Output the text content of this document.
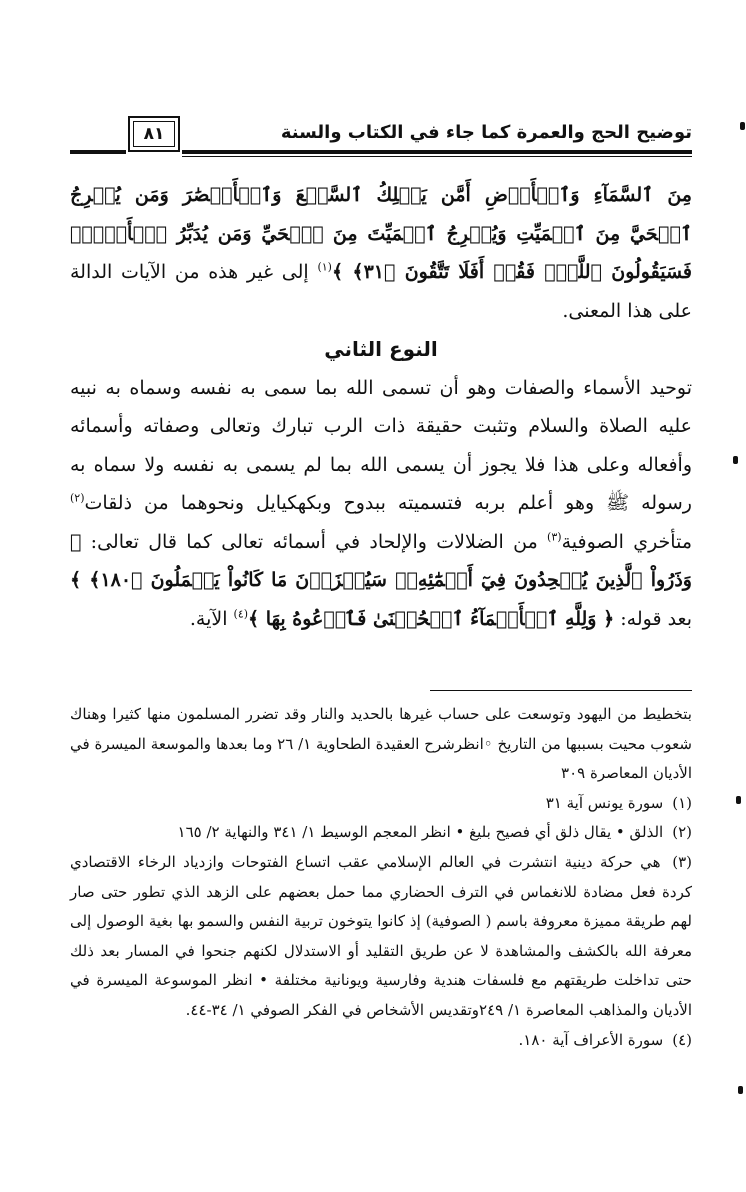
٨١	توضيح الحج والعمرة كما جاء في الكتاب والسنة

مِنَ ٱلسَّمَآءِ وَٱلۡأَرۡضِ أَمَّن يَمۡلِكُ ٱلسَّمۡعَ وَٱلۡأَبۡصَٰرَ وَمَن يُخۡرِجُ ٱلۡحَيَّ مِنَ ٱلۡمَيِّتِ وَيُخۡرِجُ ٱلۡمَيِّتَ مِنَ ٱلۡحَيِّ وَمَن يُدَبِّرُ ٱلۡأَمۡرَۚ فَسَيَقُولُونَ ٱللَّهُۚ فَقُلۡ أَفَلَا تَتَّقُونَ ﴿٣١﴾ ﴾$^{(١)}$ إلى غير هذه من الآيات الدالة على هذا المعنى.

النوع الثاني

توحيد الأسماء والصفات وهو أن تسمى الله بما سمى به نفسه وسماه به نبيه عليه الصلاة والسلام وتثبت حقيقة ذات الرب تبارك وتعالى وصفاته وأسمائه وأفعاله وعلى هذا فلا يجوز أن يسمى الله بما لم يسمى به نفسه ولا سماه به رسوله ﷺ وهو أعلم بربه فتسميته ببدوح وبكهكيايل ونحوهما من ذلقات$^{(٢)}$ متأخري الصوفية$^{(٣)}$ من الضلالات والإلحاد في أسمائه تعالى كما قال تعالى: ﴿ وَذَرُواْ ٱلَّذِينَ يُلۡحِدُونَ فِيٓ أَسۡمَٰٓئِهِۦۚ سَيُجۡزَوۡنَ مَا كَانُواْ يَعۡمَلُونَ ﴿١٨٠﴾ ﴾ بعد قوله: ﴿ وَلِلَّهِ ٱلۡأَسۡمَآءُ ٱلۡحُسۡنَىٰ فَٱدۡعُوهُ بِهَا ﴾$^{(٤)}$ الآية.

بتخطيط من اليهود وتوسعت على حساب غيرها بالحديد والنار وقد تضرر المسلمون منها كثيرا وهناك شعوب محيت بسببها من التاريخ ◦انظرشرح العقيدة الطحاوية ١/ ٢٦ وما بعدها والموسعة الميسرة في الأديان المعاصرة ٣٠٩

(١) سورة يونس آية ٣١

(٢) الذلق • يقال ذلق أي فصيح بليغ • انظر المعجم الوسيط ١/ ٣٤١ والنهاية ٢/ ١٦٥

(٣) هي حركة دينية انتشرت في العالم الإسلامي عقب اتساع الفتوحات وازدياد الرخاء الاقتصادي كردة فعل مضادة للانغماس في الترف الحضاري مما حمل بعضهم على الزهد الذي تطور حتى صار لهم طريقة مميزة معروفة باسم ( الصوفية) إذ كانوا يتوخون تربية النفس والسمو بها بغية الوصول إلى معرفة الله بالكشف والمشاهدة لا عن طريق التقليد أو الاستدلال لكنهم جنحوا في المسار بعد ذلك حتى تداخلت طريقتهم مع فلسفات هندية وفارسية ويونانية مختلفة • انظر الموسوعة الميسرة في الأديان والمذاهب المعاصرة ١/ ٢٤٩وتقديس الأشخاص في الفكر الصوفي ١/ ٣٤-٤٤.

(٤) سورة الأعراف آية ١٨٠.
